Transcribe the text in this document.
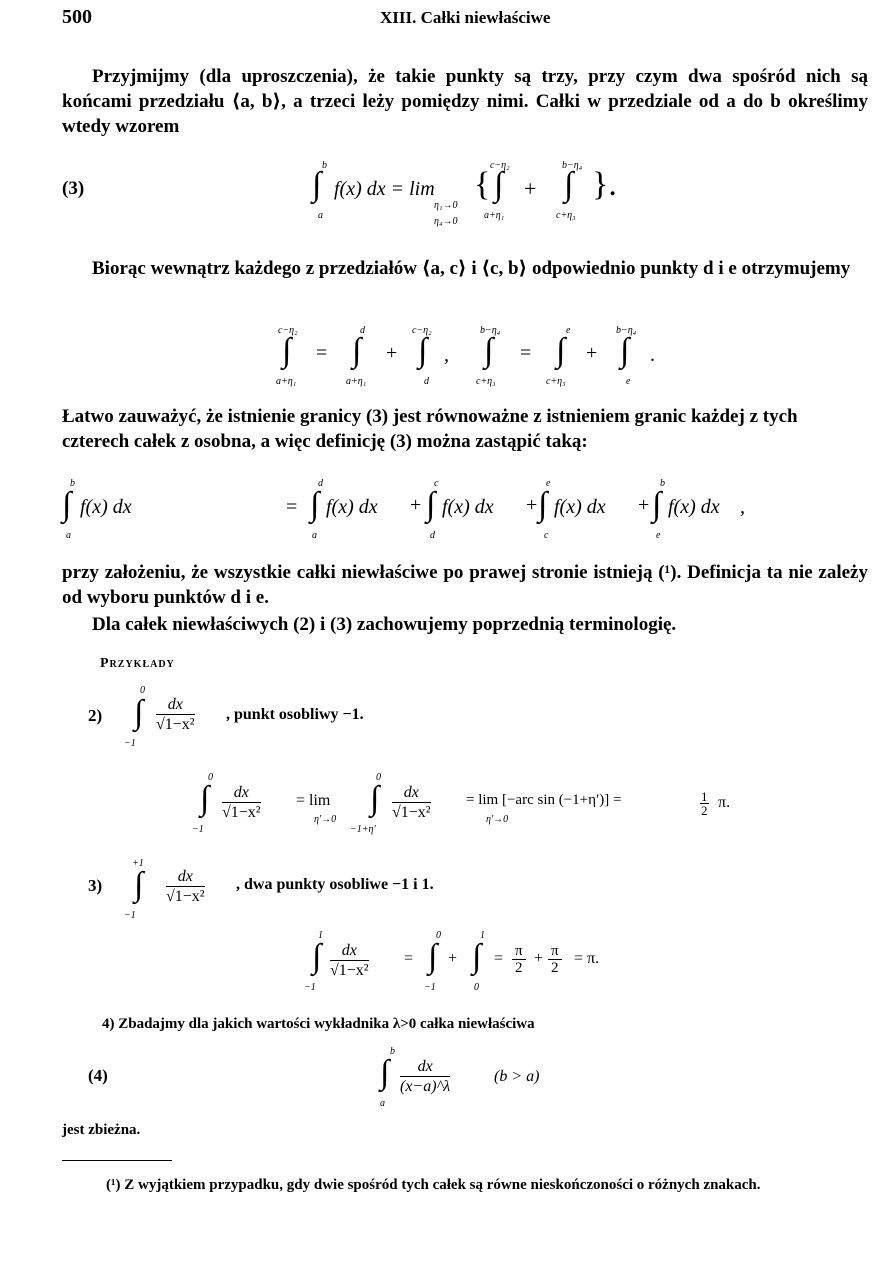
500	XIII. Całki niewłaściwe
Przyjmijmy (dla uproszczenia), że takie punkty są trzy, przy czym dwa spośród nich są końcami przedziału ⟨a, b⟩, a trzeci leży pomiędzy nimi. Całki w przedziale od a do b określimy wtedy wzorem
(3)
b
∫
a
f(x) dx = lim
η₁→0
η₄→0
{
c−η₂
∫
a+η₁
+
b−η₄
∫
c+η₃
}.
Biorąc wewnątrz każdego z przedziałów ⟨a, c⟩ i ⟨c, b⟩ odpowiednio punkty d i e otrzymujemy
c−η₂
∫
a+η₁
=
d
∫
a+η₁
+
c−η₂
∫
d
,
b−η₄
∫
c+η₃
=
e
∫
c+η₃
+
b−η₄
∫
e
.
Łatwo zauważyć, że istnienie granicy (3) jest równoważne z istnieniem granic każdej z tych czterech całek z osobna, a więc definicję (3) można zastąpić taką:
b
∫
a
f(x) dx	=
d
∫
a
f(x) dx +
c
∫
d
f(x) dx +
e
∫
c
f(x) dx +
b
∫
e
f(x) dx ,
przy założeniu, że wszystkie całki niewłaściwe po prawej stronie istnieją (¹). Definicja ta nie zależy od wyboru punktów d i e.
Dla całek niewłaściwych (2) i (3) zachowujemy poprzednią terminologię.
Przykłady
2)
0
∫
−1
$\frac{dx}{\text{√1−x²}}$ , punkt osobliwy −1.
0
∫
−1
$\frac{dx}{\text{√1−x²}} = \lim$
η′→0
0
∫
−1+η′
$\frac{dx}{\text{√1−x²}} = \lim [-arc$ sin (−1+η′)] =
η′→0
$\frac{1}{2} \pi$.
3)
+1
∫
−1
$\frac{dx}{\text{√1−x²}}$ , dwa punkty osobliwe −1 i 1.
1
∫
−1
$\frac{dx}{\text{√1−x²}}$ =
0
∫
−1
+
1
∫
0
= $\frac{\pi}{2} + \frac{\pi}{2} = \pi$.
4) Zbadajmy dla jakich wartości wykładnika λ>0 całka niewłaściwa
(4)
b
∫
a
$\frac{dx}{(x-a)\^{}\lambda}$	(b > a)
jest zbieżna.
(¹) Z wyjątkiem przypadku, gdy dwie spośród tych całek są równe nieskończoności o różnych znakach.
